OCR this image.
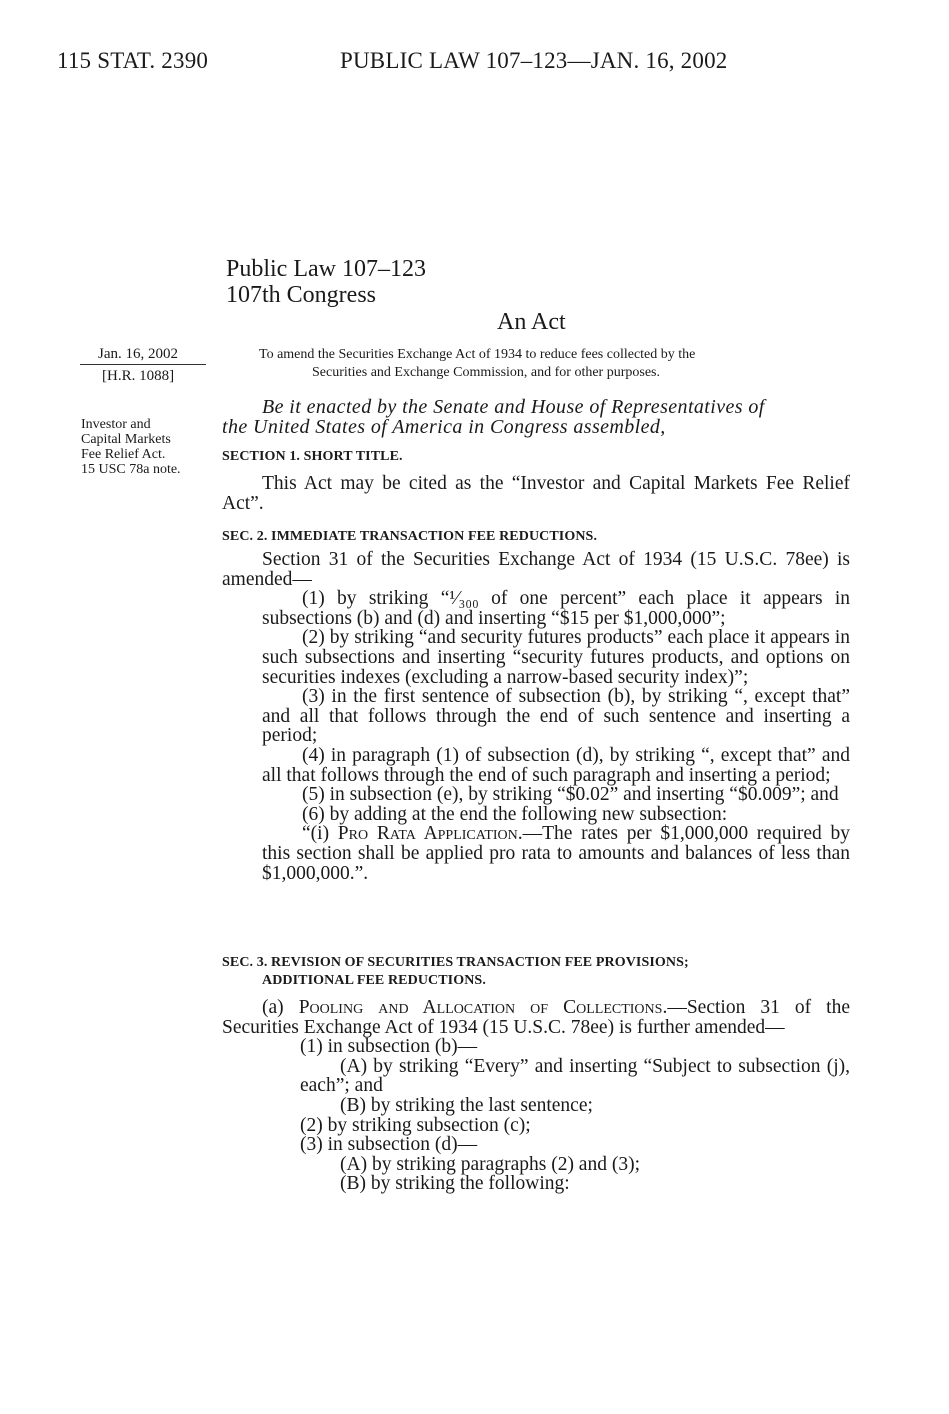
115 STAT. 2390	PUBLIC LAW 107–123—JAN. 16, 2002
Public Law 107–123
107th Congress
An Act
Jan. 16, 2002
[H.R. 1088]
Investor and
Capital Markets
Fee Relief Act.
15 USC 78a note.
To amend the Securities Exchange Act of 1934 to reduce fees collected by the
Securities and Exchange Commission, and for other purposes.
Be it enacted by the Senate and House of Representatives of
the United States of America in Congress assembled,
SECTION 1. SHORT TITLE.

This Act may be cited as the “Investor and Capital Markets Fee Relief Act”.

SEC. 2. IMMEDIATE TRANSACTION FEE REDUCTIONS.

Section 31 of the Securities Exchange Act of 1934 (15 U.S.C. 78ee) is amended—

(1) by striking “¹⁄₃₀₀ of one percent” each place it appears in subsections (b) and (d) and inserting “$15 per $1,000,000”;

(2) by striking “and security futures products” each place it appears in such subsections and inserting “security futures products, and options on securities indexes (excluding a narrow-based security index)”;

(3) in the first sentence of subsection (b), by striking “, except that” and all that follows through the end of such sentence and inserting a period;

(4) in paragraph (1) of subsection (d), by striking “, except that” and all that follows through the end of such paragraph and inserting a period;

(5) in subsection (e), by striking “$0.02” and inserting “$0.009”; and

(6) by adding at the end the following new subsection:

“(i) Pro Rata Application.—The rates per $1,000,000 required by this section shall be applied pro rata to amounts and balances of less than $1,000,000.”.

SEC. 3. REVISION OF SECURITIES TRANSACTION FEE PROVISIONS;
ADDITIONAL FEE REDUCTIONS.

(a) Pooling and Allocation of Collections.—Section 31 of the Securities Exchange Act of 1934 (15 U.S.C. 78ee) is further amended—

(1) in subsection (b)—

(A) by striking “Every” and inserting “Subject to subsection (j), each”; and

(B) by striking the last sentence;

(2) by striking subsection (c);

(3) in subsection (d)—

(A) by striking paragraphs (2) and (3);

(B) by striking the following:
